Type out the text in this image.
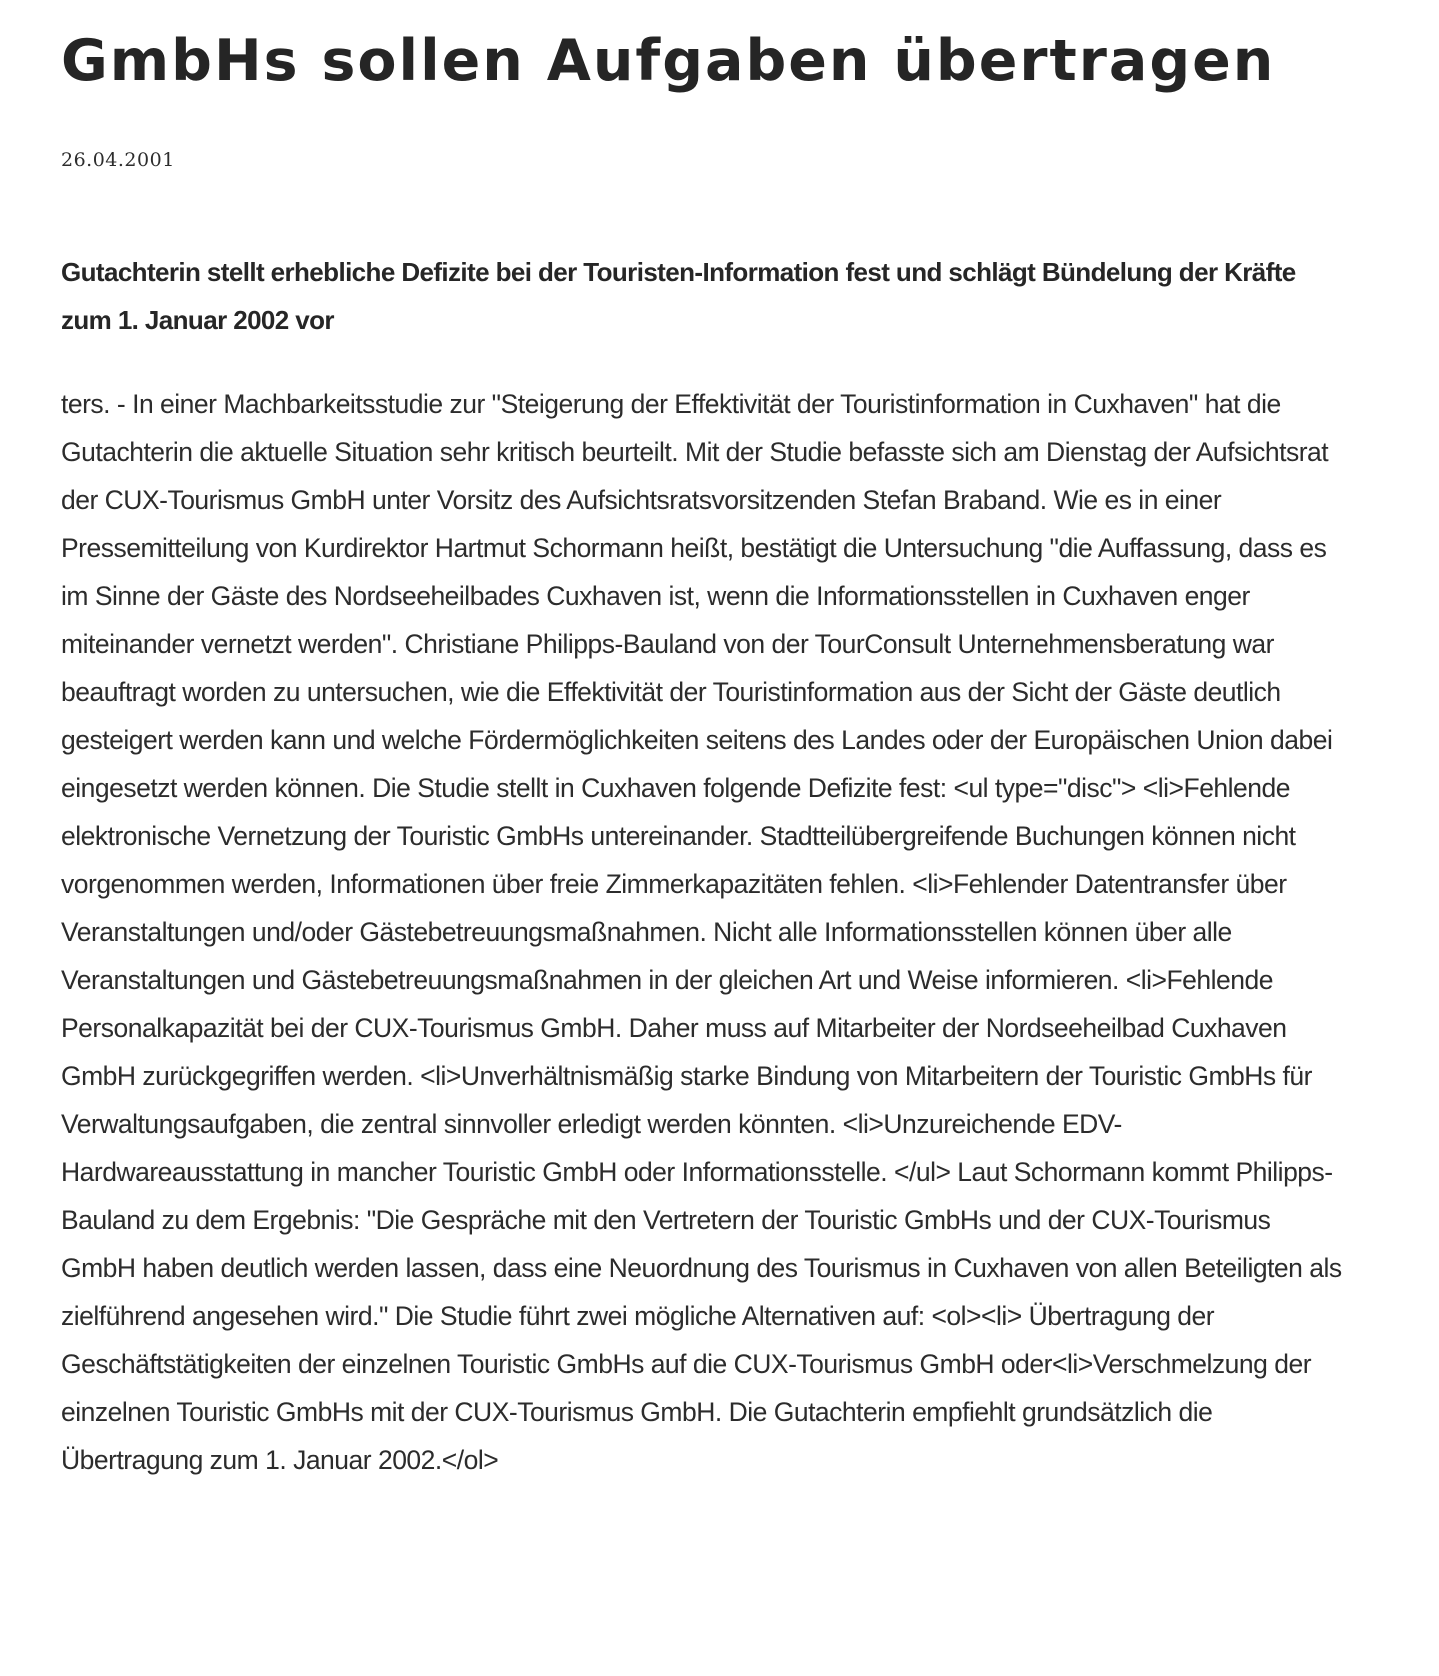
GmbHs sollen Aufgaben übertragen
26.04.2001

Gutachterin stellt erhebliche Defizite bei der Touristen-Information fest und schlägt Bündelung der Kräfte zum 1. Januar 2002 vor

ters. - In einer Machbarkeitsstudie zur "Steigerung der Effektivität der Touristinformation in Cuxhaven" hat die Gutachterin die aktuelle Situation sehr kritisch beurteilt. Mit der Studie befasste sich am Dienstag der Aufsichtsrat der CUX-Tourismus GmbH unter Vorsitz des Aufsichtsratsvorsitzenden Stefan Braband. Wie es in einer Pressemitteilung von Kurdirektor Hartmut Schormann heißt, bestätigt die Untersuchung "die Auffassung, dass es im Sinne der Gäste des Nordseeheilbades Cuxhaven ist, wenn die Informationsstellen in Cuxhaven enger miteinander vernetzt werden". Christiane Philipps-Bauland von der TourConsult Unternehmensberatung war beauftragt worden zu untersuchen, wie die Effektivität der Touristinformation aus der Sicht der Gäste deutlich gesteigert werden kann und welche Fördermöglichkeiten seitens des Landes oder der Europäischen Union dabei eingesetzt werden können. Die Studie stellt in Cuxhaven folgende Defizite fest: <ul type="disc"> <li>Fehlende elektronische Vernetzung der Touristic GmbHs untereinander. Stadtteilübergreifende Buchungen können nicht vorgenommen werden, Informationen über freie Zimmerkapazitäten fehlen. <li>Fehlender Datentransfer über Veranstaltungen und/oder Gästebetreuungsmaßnahmen. Nicht alle Informationsstellen können über alle Veranstaltungen und Gästebetreuungsmaßnahmen in der gleichen Art und Weise informieren. <li>Fehlende Personalkapazität bei der CUX-Tourismus GmbH. Daher muss auf Mitarbeiter der Nordseeheilbad Cuxhaven GmbH zurückgegriffen werden. <li>Unverhältnismäßig starke Bindung von Mitarbeitern der Touristic GmbHs für Verwaltungsaufgaben, die zentral sinnvoller erledigt werden könnten. <li>Unzureichende EDV-Hardwareausstattung in mancher Touristic GmbH oder Informationsstelle. </ul> Laut Schormann kommt Philipps-Bauland zu dem Ergebnis: "Die Gespräche mit den Vertretern der Touristic GmbHs und der CUX-Tourismus GmbH haben deutlich werden lassen, dass eine Neuordnung des Tourismus in Cuxhaven von allen Beteiligten als zielführend angesehen wird." Die Studie führt zwei mögliche Alternativen auf: <ol><li> Übertragung der Geschäftstätigkeiten der einzelnen Touristic GmbHs auf die CUX-Tourismus GmbH oder<li>Verschmelzung der einzelnen Touristic GmbHs mit der CUX-Tourismus GmbH. Die Gutachterin empfiehlt grundsätzlich die Übertragung zum 1. Januar 2002.</ol>
